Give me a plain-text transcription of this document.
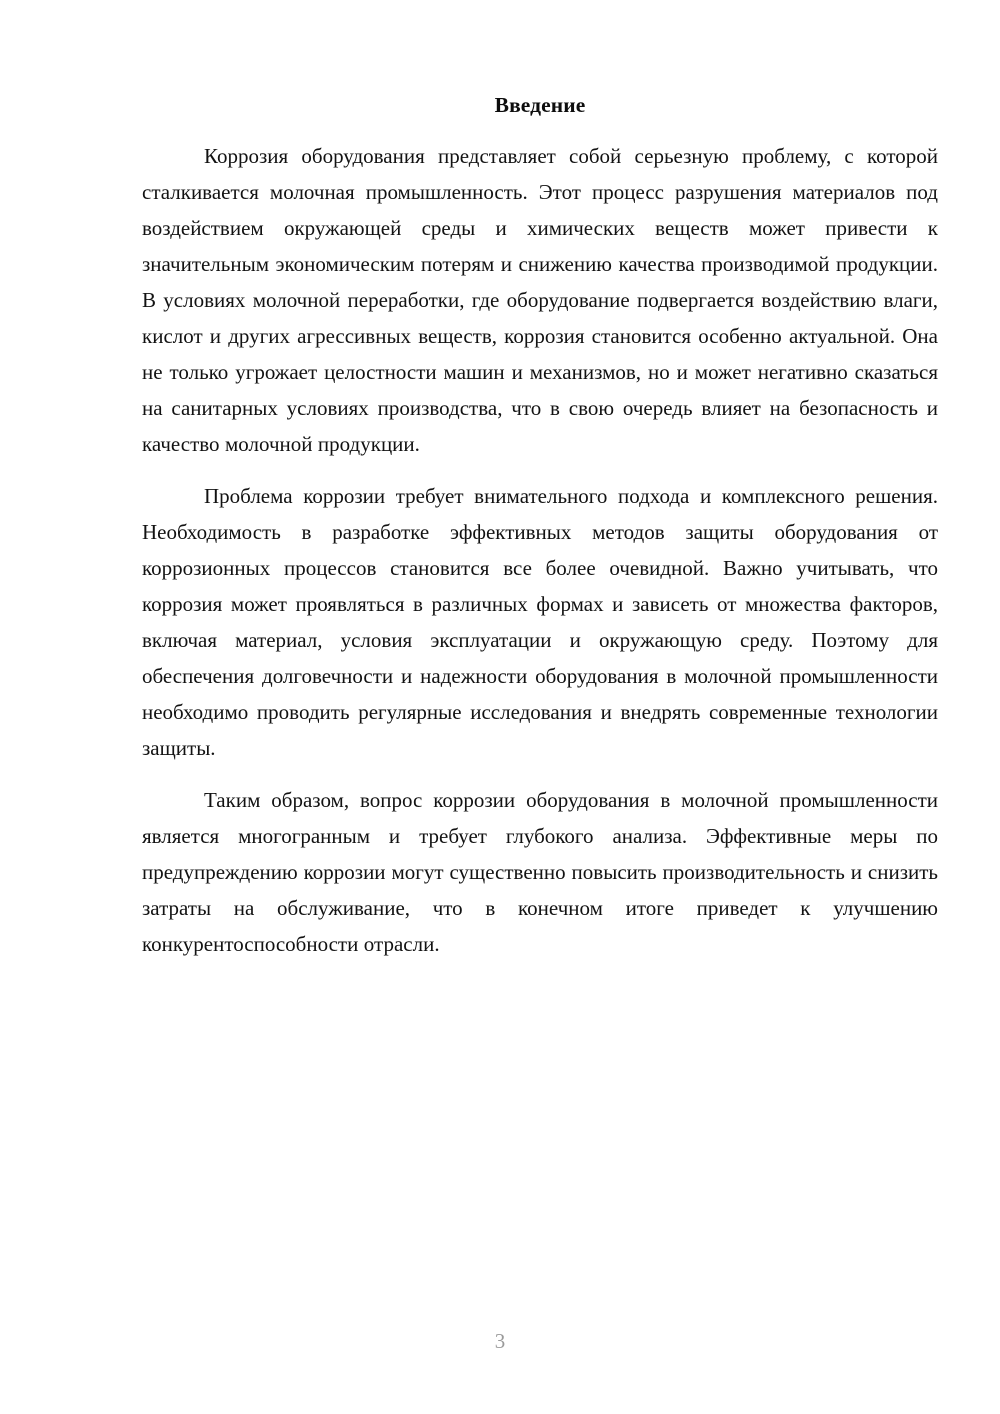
Введение

Коррозия оборудования представляет собой серьезную проблему, с которой сталкивается молочная промышленность. Этот процесс разрушения материалов под воздействием окружающей среды и химических веществ может привести к значительным экономическим потерям и снижению качества производимой продукции. В условиях молочной переработки, где оборудование подвергается воздействию влаги, кислот и других агрессивных веществ, коррозия становится особенно актуальной. Она не только угрожает целостности машин и механизмов, но и может негативно сказаться на санитарных условиях производства, что в свою очередь влияет на безопасность и качество молочной продукции.

Проблема коррозии требует внимательного подхода и комплексного решения. Необходимость в разработке эффективных методов защиты оборудования от коррозионных процессов становится все более очевидной. Важно учитывать, что коррозия может проявляться в различных формах и зависеть от множества факторов, включая материал, условия эксплуатации и окружающую среду. Поэтому для обеспечения долговечности и надежности оборудования в молочной промышленности необходимо проводить регулярные исследования и внедрять современные технологии защиты.

Таким образом, вопрос коррозии оборудования в молочной промышленности является многогранным и требует глубокого анализа. Эффективные меры по предупреждению коррозии могут существенно повысить производительность и снизить затраты на обслуживание, что в конечном итоге приведет к улучшению конкурентоспособности отрасли.

3
